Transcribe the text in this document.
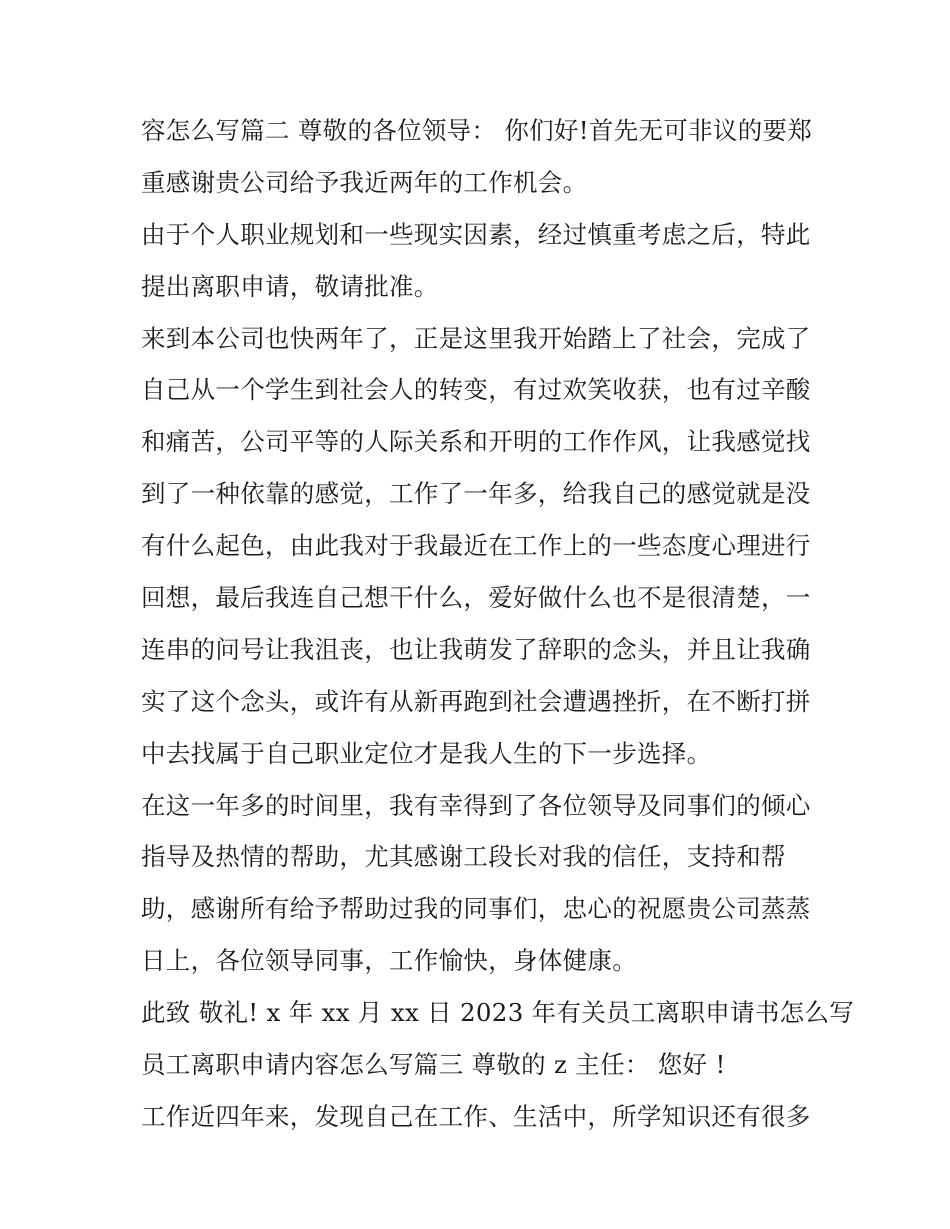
容怎么写篇二 尊敬的各位领导： 你们好!首先无可非议的要郑
重感谢贵公司给予我近两年的工作机会。
由于个人职业规划和一些现实因素，经过慎重考虑之后，特此
提出离职申请，敬请批准。
来到本公司也快两年了，正是这里我开始踏上了社会，完成了
自己从一个学生到社会人的转变，有过欢笑收获，也有过辛酸
和痛苦，公司平等的人际关系和开明的工作作风，让我感觉找
到了一种依靠的感觉，工作了一年多，给我自己的感觉就是没
有什么起色，由此我对于我最近在工作上的一些态度心理进行
回想，最后我连自己想干什么，爱好做什么也不是很清楚，一
连串的问号让我沮丧，也让我萌发了辞职的念头，并且让我确
实了这个念头，或许有从新再跑到社会遭遇挫折，在不断打拼
中去找属于自己职业定位才是我人生的下一步选择。
在这一年多的时间里，我有幸得到了各位领导及同事们的倾心
指导及热情的帮助，尤其感谢工段长对我的信任，支持和帮
助，感谢所有给予帮助过我的同事们，忠心的祝愿贵公司蒸蒸
日上，各位领导同事，工作愉快，身体健康。
此致 敬礼! x 年 xx 月 xx 日 2023 年有关员工离职申请书怎么写
员工离职申请内容怎么写篇三 尊敬的 z 主任： 您好 !
工作近四年来，发现自己在工作、生活中，所学知识还有很多
